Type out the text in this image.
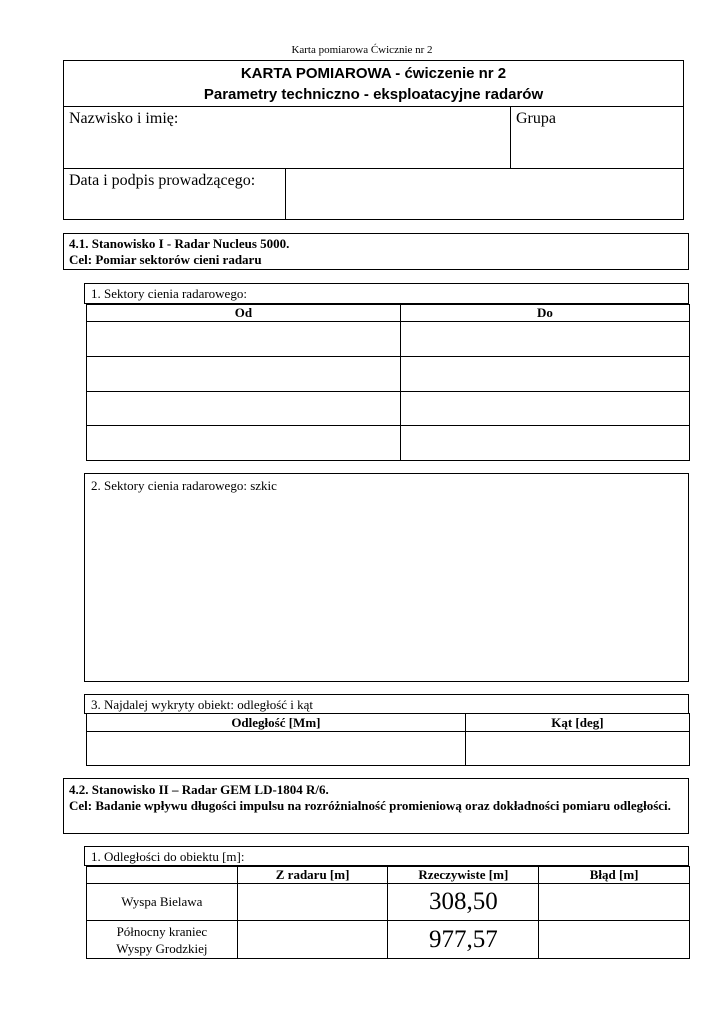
Karta pomiarowa Ćwicznie nr 2
KARTA POMIAROWA - ćwiczenie nr 2
Parametry techniczno - eksploatacyjne radarów
Nazwisko i imię:	Grupa
Data i podpis prowadzącego:
4.1. Stanowisko I - Radar Nucleus 5000.
Cel: Pomiar sektorów cieni radaru
1. Sektory cienia radarowego:
Od	Do

2. Sektory cienia radarowego: szkic
3. Najdalej wykryty obiekt: odległość i kąt
Odległość [Mm]	Kąt [deg]

4.2. Stanowisko II – Radar GEM LD-1804 R/6.
Cel: Badanie wpływu długości impulsu na rozróżnialność promieniową oraz dokładności pomiaru odległości.
1. Odległości do obiektu [m]:
	Z radaru [m]	Rzeczywiste [m]	Błąd [m]
Wyspa Bielawa		308,50	

Północny kraniec
Wyspy Grodzkiej		977,57	
